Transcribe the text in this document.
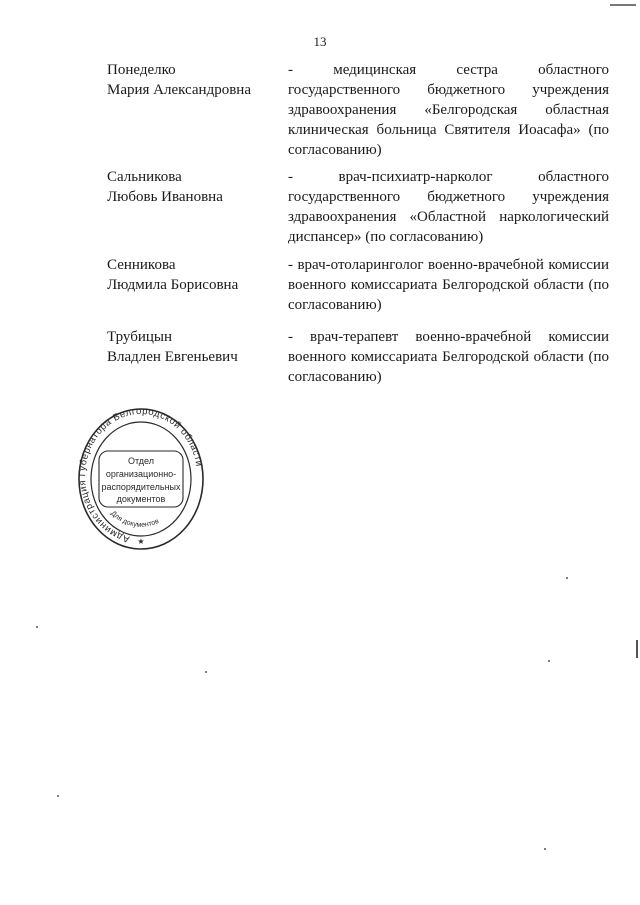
13
Понеделко
Мария Александровна
- медицинская сестра областного государственного бюджетного учреждения здравоохранения «Белгородская областная клиническая больница Святителя Иоасафа» (по согласованию)
Сальникова
Любовь Ивановна
- врач-психиатр-нарколог областного государственного бюджетного учреждения здравоохранения «Областной наркологический диспансер» (по согласованию)
Сенникова
Людмила Борисовна
- врач-отоларинголог военно-врачебной комиссии военного комиссариата Белгородской области (по согласованию)
Трубицын
Владлен Евгеньевич
- врач-терапевт военно-врачебной комиссии военного комиссариата Белгородской области (по согласованию)
Администрация Губернатора Белгородской области
Отдел
организационно-
распорядительных
документов
Для документов
★
